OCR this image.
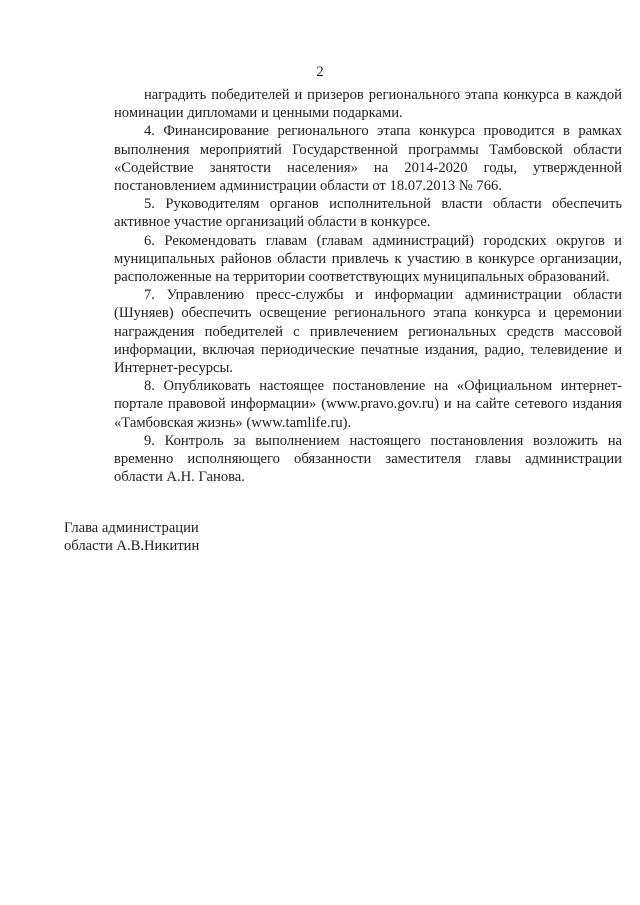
2

наградить победителей и призеров регионального этапа конкурса в каждой номинации дипломами и ценными подарками.

4. Финансирование регионального этапа конкурса проводится в рамках выполнения мероприятий Государственной программы Тамбовской области «Содействие занятости населения» на 2014-2020 годы, утвержденной постановлением администрации области от 18.07.2013 № 766.

5. Руководителям органов исполнительной власти области обеспечить активное участие организаций области в конкурсе.

6. Рекомендовать главам (главам администраций) городских округов и муниципальных районов области привлечь к участию в конкурсе организации, расположенные на территории соответствующих муниципальных образований.

7. Управлению пресс-службы и информации администрации области (Шуняев) обеспечить освещение регионального этапа конкурса и церемонии награждения победителей с привлечением региональных средств массовой информации, включая периодические печатные издания, радио, телевидение и Интернет-ресурсы.

8. Опубликовать настоящее постановление на «Официальном интернет-портале правовой информации» (www.pravo.gov.ru) и на сайте сетевого издания «Тамбовская жизнь» (www.tamlife.ru).

9. Контроль за выполнением настоящего постановления возложить на временно исполняющего обязанности заместителя главы администрации области А.Н. Ганова.

Глава администрации
области А.В.Никитин
